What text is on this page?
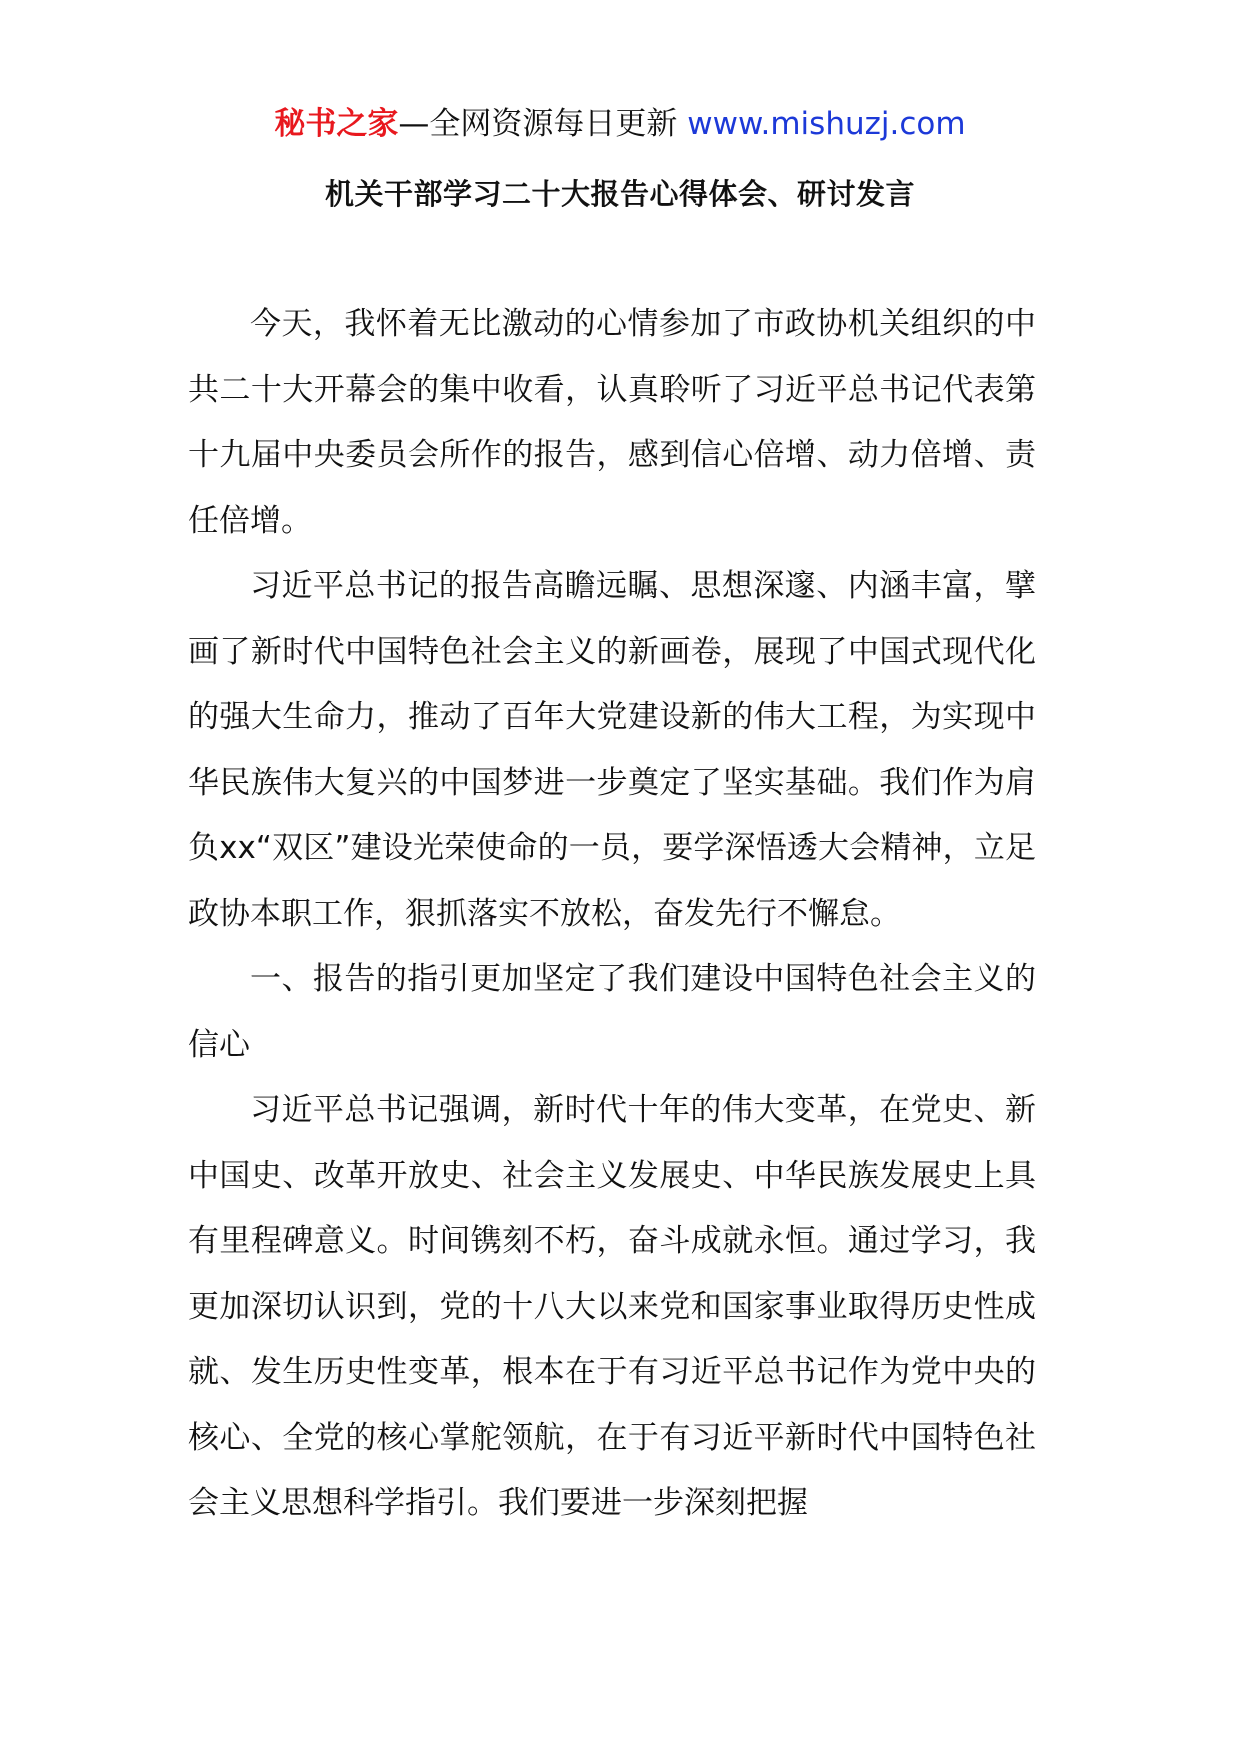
秘书之家—全网资源每日更新 www.mishuzj.com
机关干部学习二十大报告心得体会、研讨发言

今天，我怀着无比激动的心情参加了市政协机关组织的中共二十大开幕会的集中收看，认真聆听了习近平总书记代表第十九届中央委员会所作的报告，感到信心倍增、动力倍增、责任倍增。

习近平总书记的报告高瞻远瞩、思想深邃、内涵丰富，擘画了新时代中国特色社会主义的新画卷，展现了中国式现代化的强大生命力，推动了百年大党建设新的伟大工程，为实现中华民族伟大复兴的中国梦进一步奠定了坚实基础。我们作为肩负xx“双区”建设光荣使命的一员，要学深悟透大会精神，立足政协本职工作，狠抓落实不放松，奋发先行不懈怠。

一、报告的指引更加坚定了我们建设中国特色社会主义的信心

习近平总书记强调，新时代十年的伟大变革，在党史、新中国史、改革开放史、社会主义发展史、中华民族发展史上具有里程碑意义。时间镌刻不朽，奋斗成就永恒。通过学习，我更加深切认识到，党的十八大以来党和国家事业取得历史性成就、发生历史性变革，根本在于有习近平总书记作为党中央的核心、全党的核心掌舵领航，在于有习近平新时代中国特色社会主义思想科学指引。我们要进一步深刻把握
